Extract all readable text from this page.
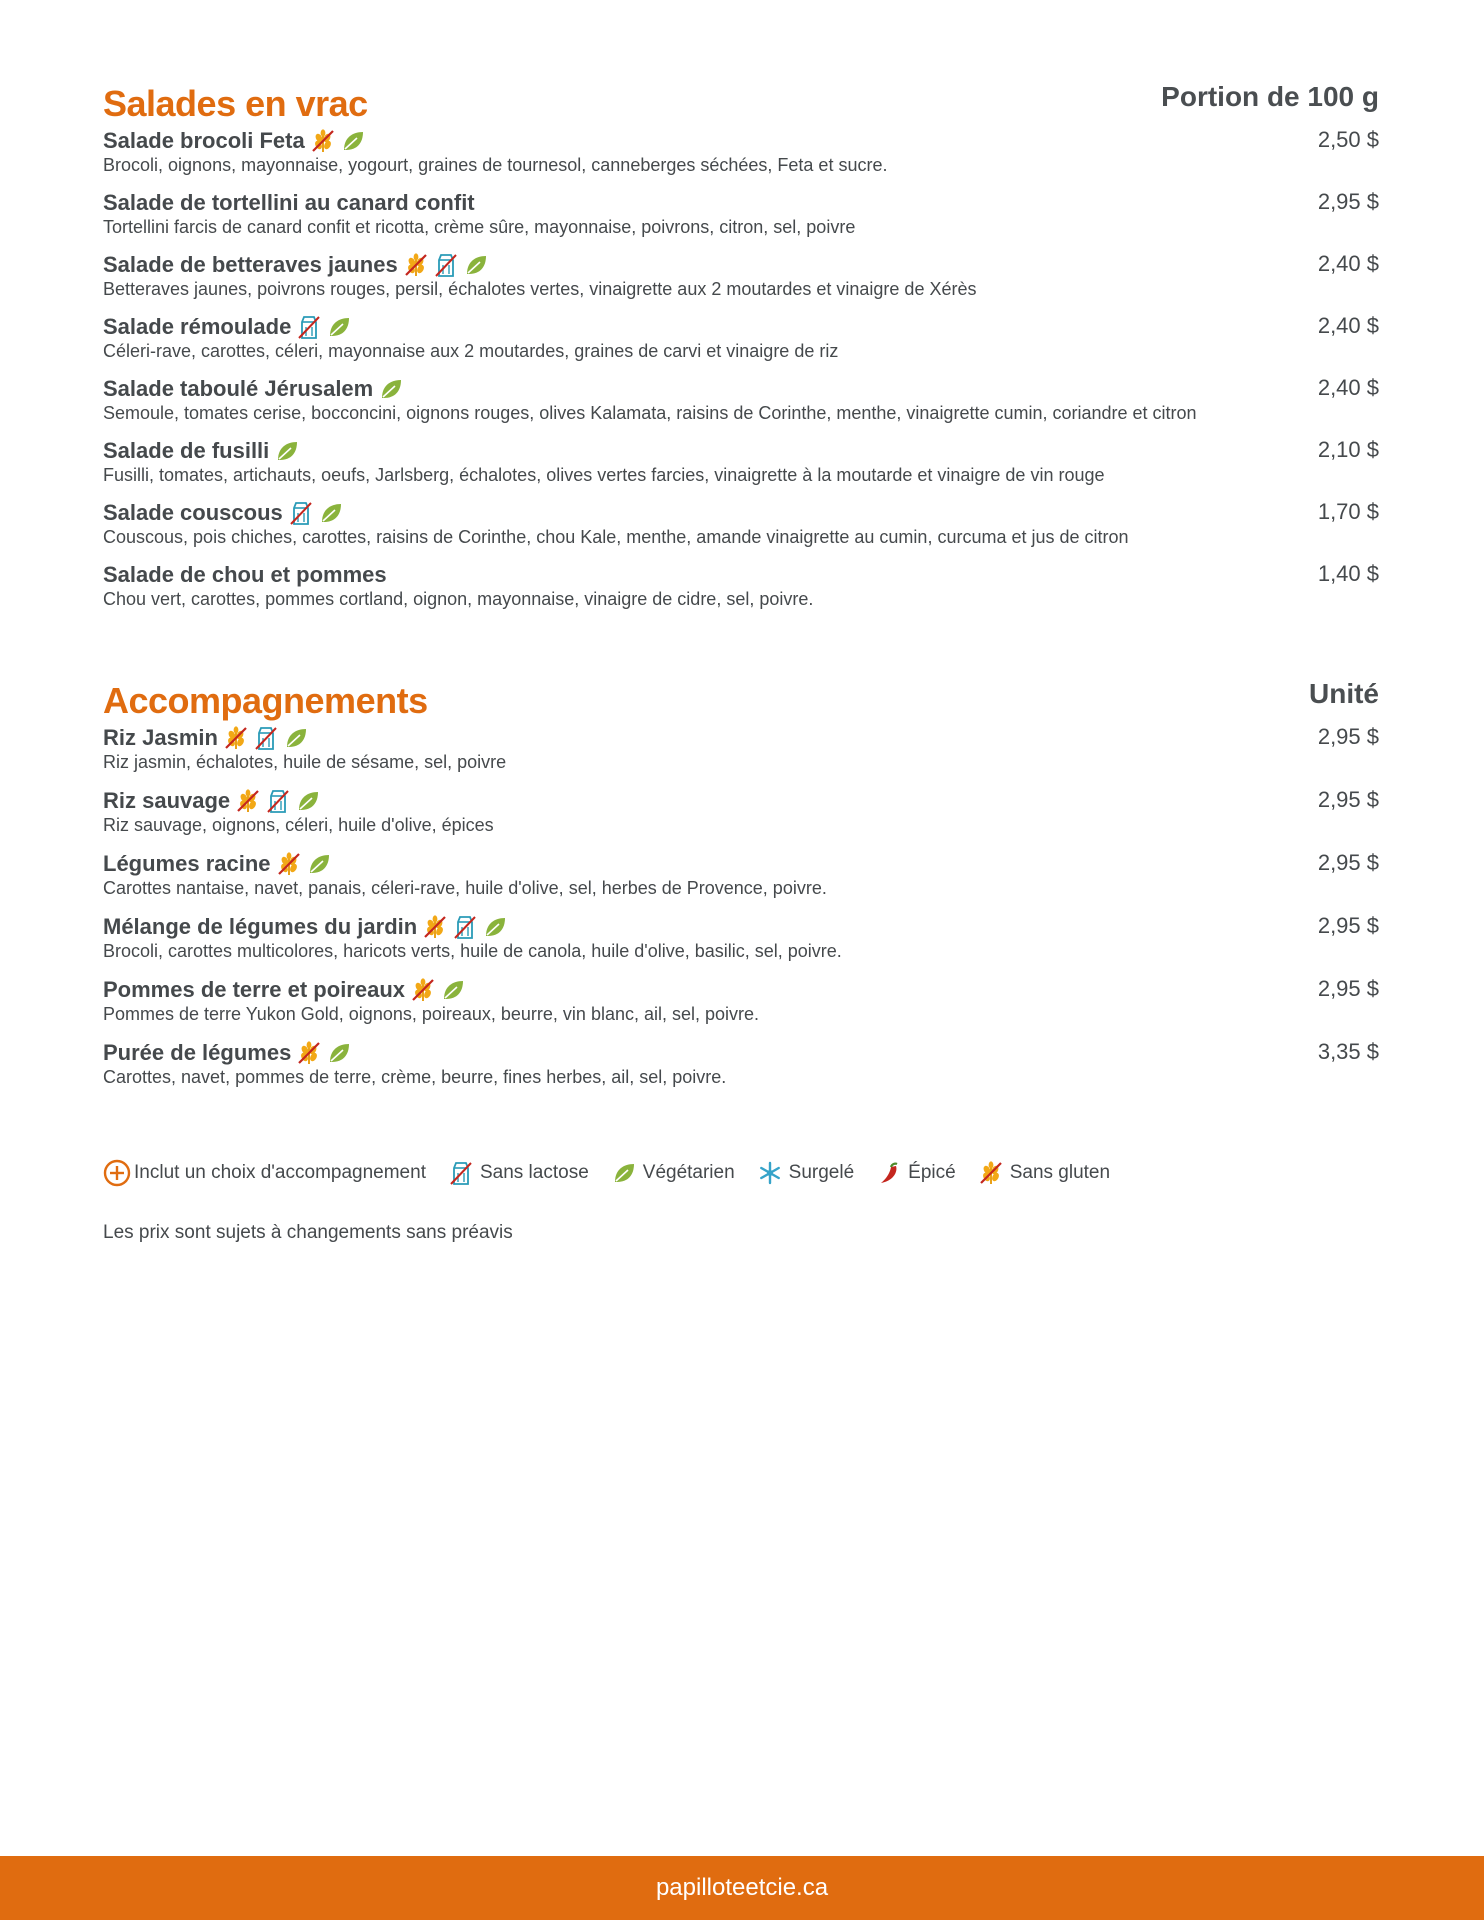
Salades en vrac	Portion de 100 g
Salade brocoli Feta
Brocoli, oignons, mayonnaise, yogourt, graines de tournesol, canneberges séchées, Feta et sucre.
2,50 $
Salade de tortellini au canard confit
Tortellini farcis de canard confit et ricotta, crème sûre, mayonnaise, poivrons, citron, sel, poivre
2,95 $
Salade de betteraves jaunes
Betteraves jaunes, poivrons rouges, persil, échalotes vertes, vinaigrette aux 2 moutardes et vinaigre de Xérès
2,40 $
Salade rémoulade
Céleri-rave, carottes, céleri, mayonnaise aux 2 moutardes, graines de carvi et vinaigre de riz
2,40 $
Salade taboulé Jérusalem
Semoule, tomates cerise, bocconcini, oignons rouges, olives Kalamata, raisins de Corinthe, menthe, vinaigrette cumin, coriandre et citron
2,40 $
Salade de fusilli
Fusilli, tomates, artichauts, oeufs, Jarlsberg, échalotes, olives vertes farcies, vinaigrette à la moutarde et vinaigre de vin rouge
2,10 $
Salade couscous
Couscous, pois chiches, carottes, raisins de Corinthe, chou Kale, menthe, amande vinaigrette au cumin, curcuma et jus de citron
1,70 $
Salade de chou et pommes
Chou vert, carottes, pommes cortland, oignon, mayonnaise, vinaigre de cidre, sel, poivre.
1,40 $
Accompagnements	Unité
Riz Jasmin
Riz jasmin, échalotes, huile de sésame, sel, poivre
2,95 $
Riz sauvage
Riz sauvage, oignons, céleri, huile d'olive, épices
2,95 $
Légumes racine
Carottes nantaise, navet, panais, céleri-rave, huile d'olive, sel, herbes de Provence, poivre.
2,95 $
Mélange de légumes du jardin
Brocoli, carottes multicolores, haricots verts, huile de canola, huile d'olive, basilic, sel, poivre.
2,95 $
Pommes de terre et poireaux
Pommes de terre Yukon Gold, oignons, poireaux, beurre, vin blanc, ail, sel, poivre.
2,95 $
Purée de légumes
Carottes, navet, pommes de terre, crème, beurre, fines herbes, ail, sel, poivre.
3,35 $
Inclut un choix d'accompagnement	Sans lactose	Végétarien	Surgelé	Épicé	Sans gluten
Les prix sont sujets à changements sans préavis
papilloteetcie.ca
